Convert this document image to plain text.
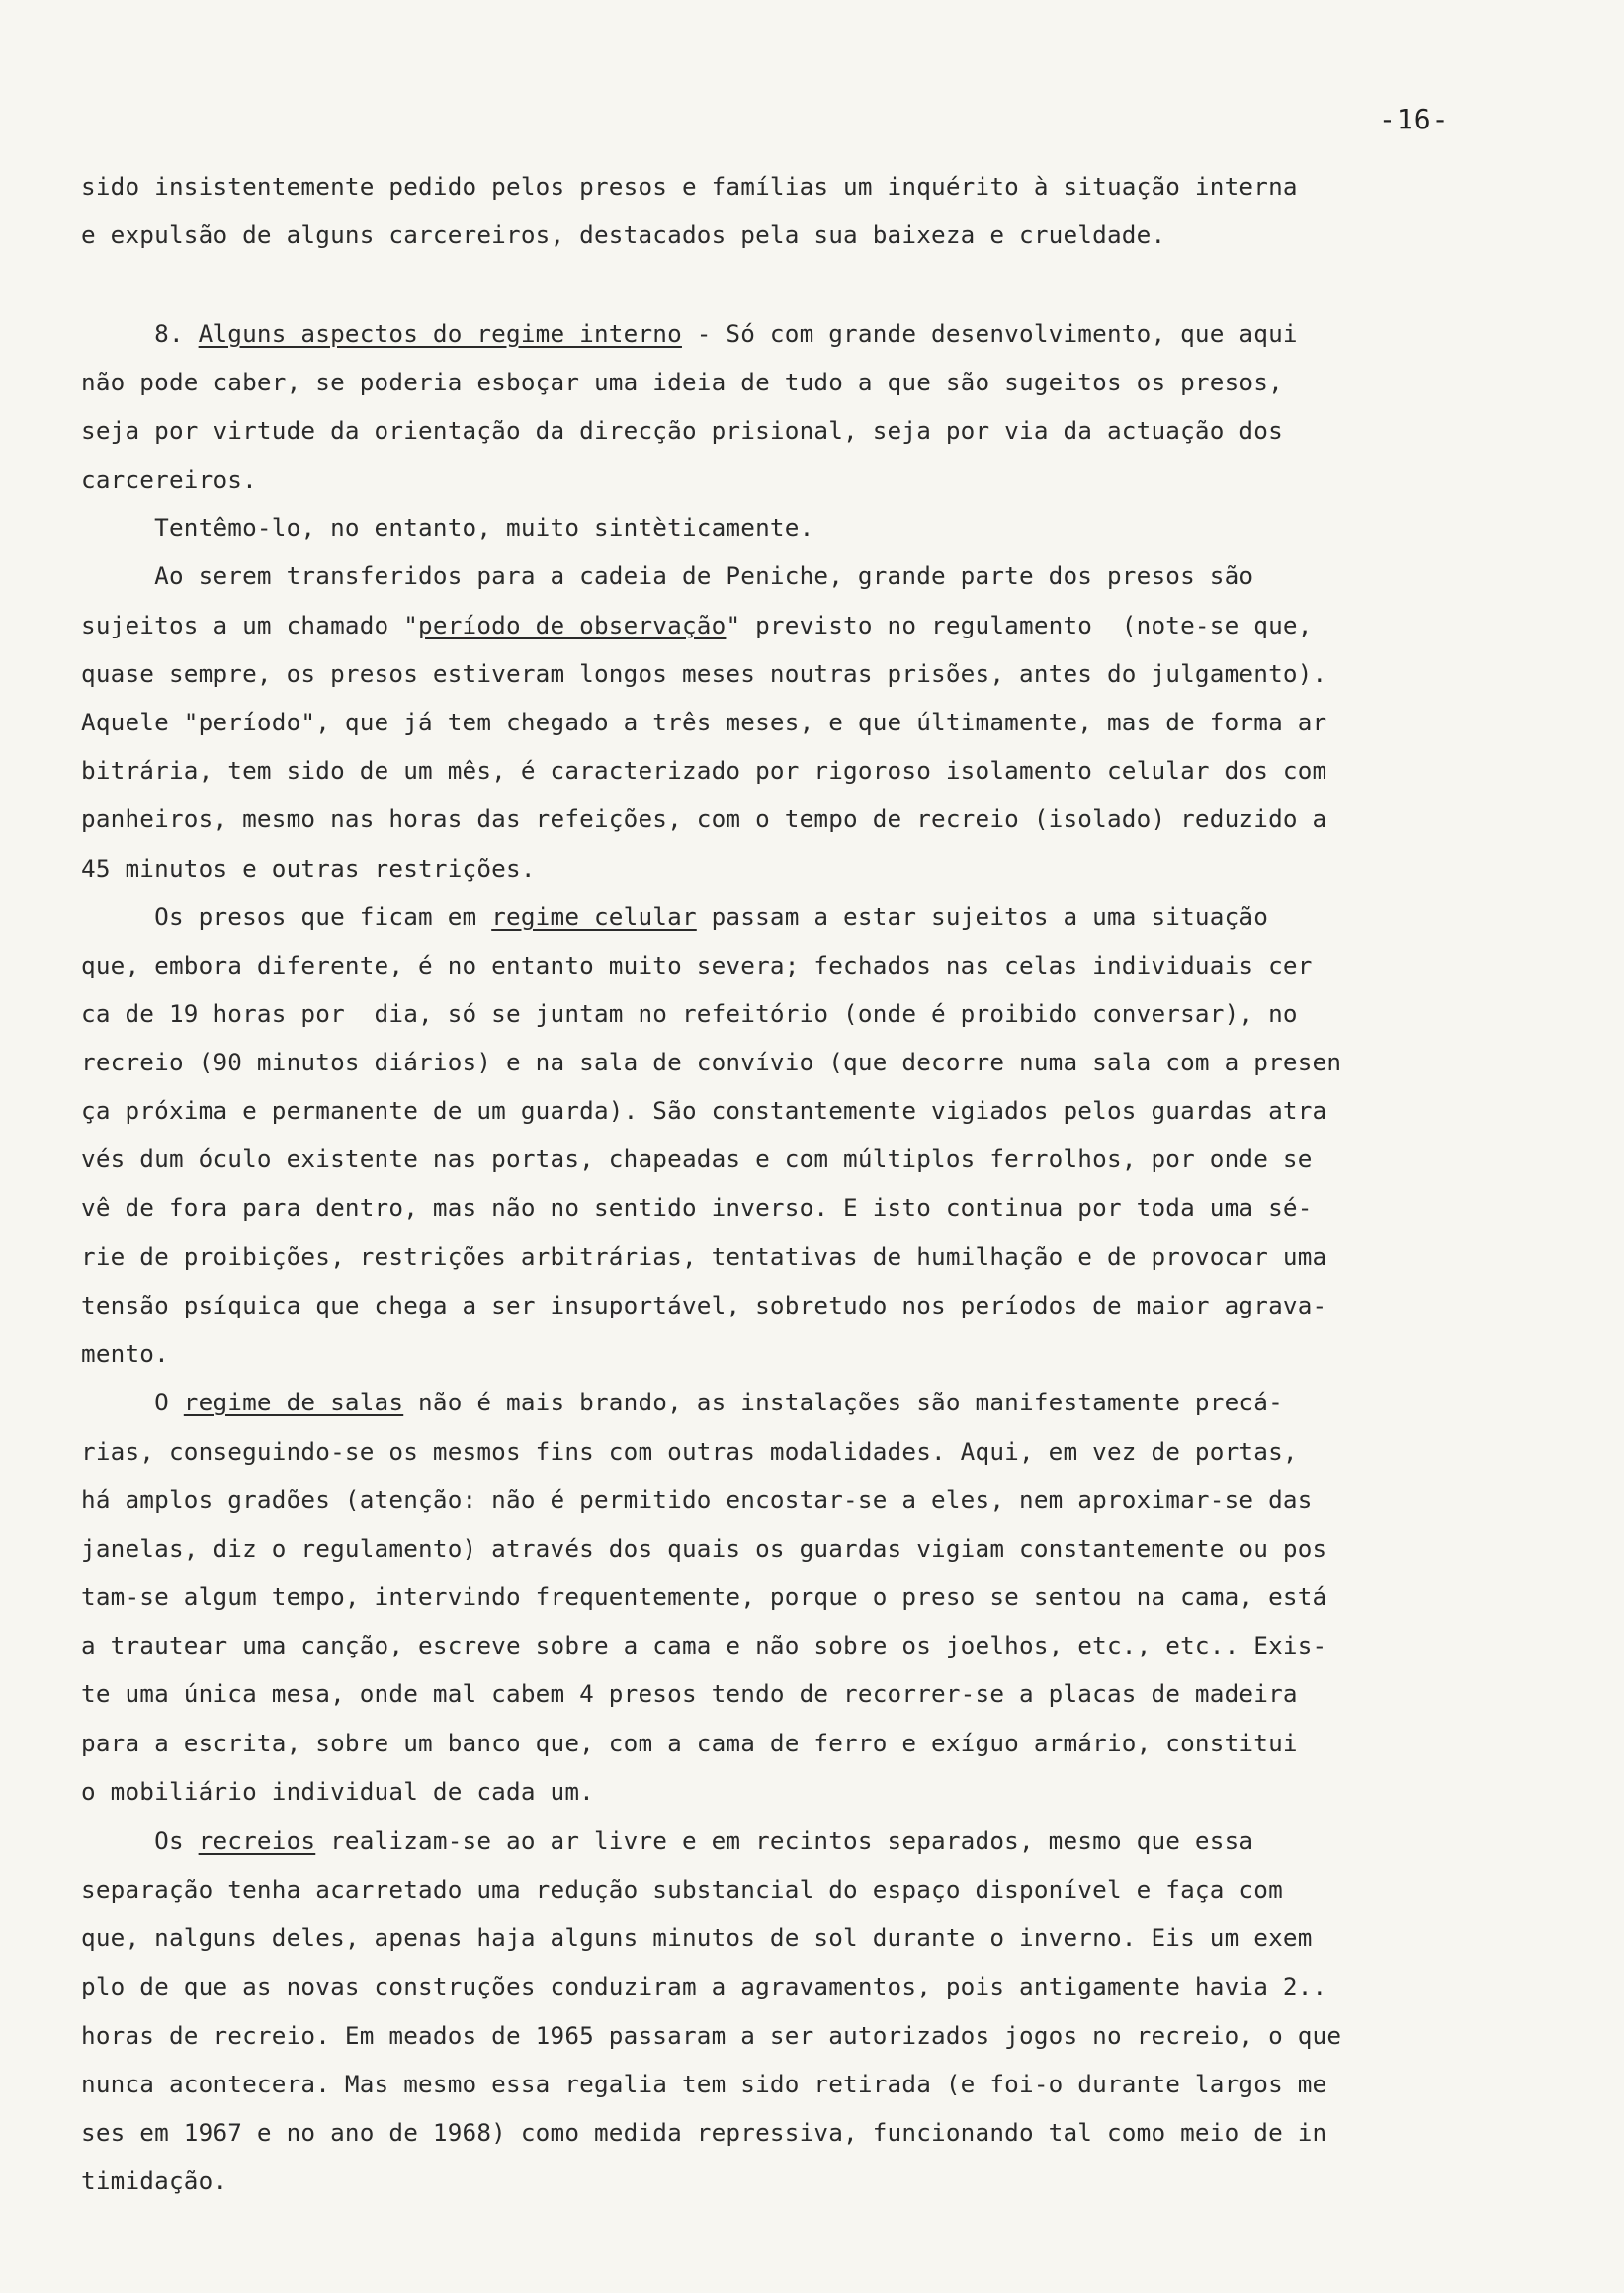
-16-
sido insistentemente pedido pelos presos e famílias um inquérito à situação interna
e expulsão de alguns carcereiros, destacados pela sua baixeza e crueldade.
8. Alguns aspectos do regime interno - Só com grande desenvolvimento, que aqui
não pode caber, se poderia esboçar uma ideia de tudo a que são sugeitos os presos,
seja por virtude da orientação da direcção prisional, seja por via da actuação dos
carcereiros.
Tentêmo-lo, no entanto, muito sintèticamente.
Ao serem transferidos para a cadeia de Peniche, grande parte dos presos são
sujeitos a um chamado "período de observação" previsto no regulamento  (note-se que,
quase sempre, os presos estiveram longos meses noutras prisões, antes do julgamento).
Aquele "período", que já tem chegado a três meses, e que últimamente, mas de forma ar
bitrária, tem sido de um mês, é caracterizado por rigoroso isolamento celular dos com
panheiros, mesmo nas horas das refeições, com o tempo de recreio (isolado) reduzido a
45 minutos e outras restrições.
Os presos que ficam em regime celular passam a estar sujeitos a uma situação
que, embora diferente, é no entanto muito severa; fechados nas celas individuais cer
ca de 19 horas por  dia, só se juntam no refeitório (onde é proibido conversar), no
recreio (90 minutos diários) e na sala de convívio (que decorre numa sala com a presen
ça próxima e permanente de um guarda). São constantemente vigiados pelos guardas atra
vés dum óculo existente nas portas, chapeadas e com múltiplos ferrolhos, por onde se
vê de fora para dentro, mas não no sentido inverso. E isto continua por toda uma sé-
rie de proibições, restrições arbitrárias, tentativas de humilhação e de provocar uma
tensão psíquica que chega a ser insuportável, sobretudo nos períodos de maior agrava-
mento.
O regime de salas não é mais brando, as instalações são manifestamente precá-
rias, conseguindo-se os mesmos fins com outras modalidades. Aqui, em vez de portas,
há amplos gradões (atenção: não é permitido encostar-se a eles, nem aproximar-se das
janelas, diz o regulamento) através dos quais os guardas vigiam constantemente ou pos
tam-se algum tempo, intervindo frequentemente, porque o preso se sentou na cama, está
a trautear uma canção, escreve sobre a cama e não sobre os joelhos, etc., etc.. Exis-
te uma única mesa, onde mal cabem 4 presos tendo de recorrer-se a placas de madeira
para a escrita, sobre um banco que, com a cama de ferro e exíguo armário, constitui
o mobiliário individual de cada um.
Os recreios realizam-se ao ar livre e em recintos separados, mesmo que essa
separação tenha acarretado uma redução substancial do espaço disponível e faça com
que, nalguns deles, apenas haja alguns minutos de sol durante o inverno. Eis um exem
plo de que as novas construções conduziram a agravamentos, pois antigamente havia 2..
horas de recreio. Em meados de 1965 passaram a ser autorizados jogos no recreio, o que
nunca acontecera. Mas mesmo essa regalia tem sido retirada (e foi-o durante largos me
ses em 1967 e no ano de 1968) como medida repressiva, funcionando tal como meio de in
timidação.
